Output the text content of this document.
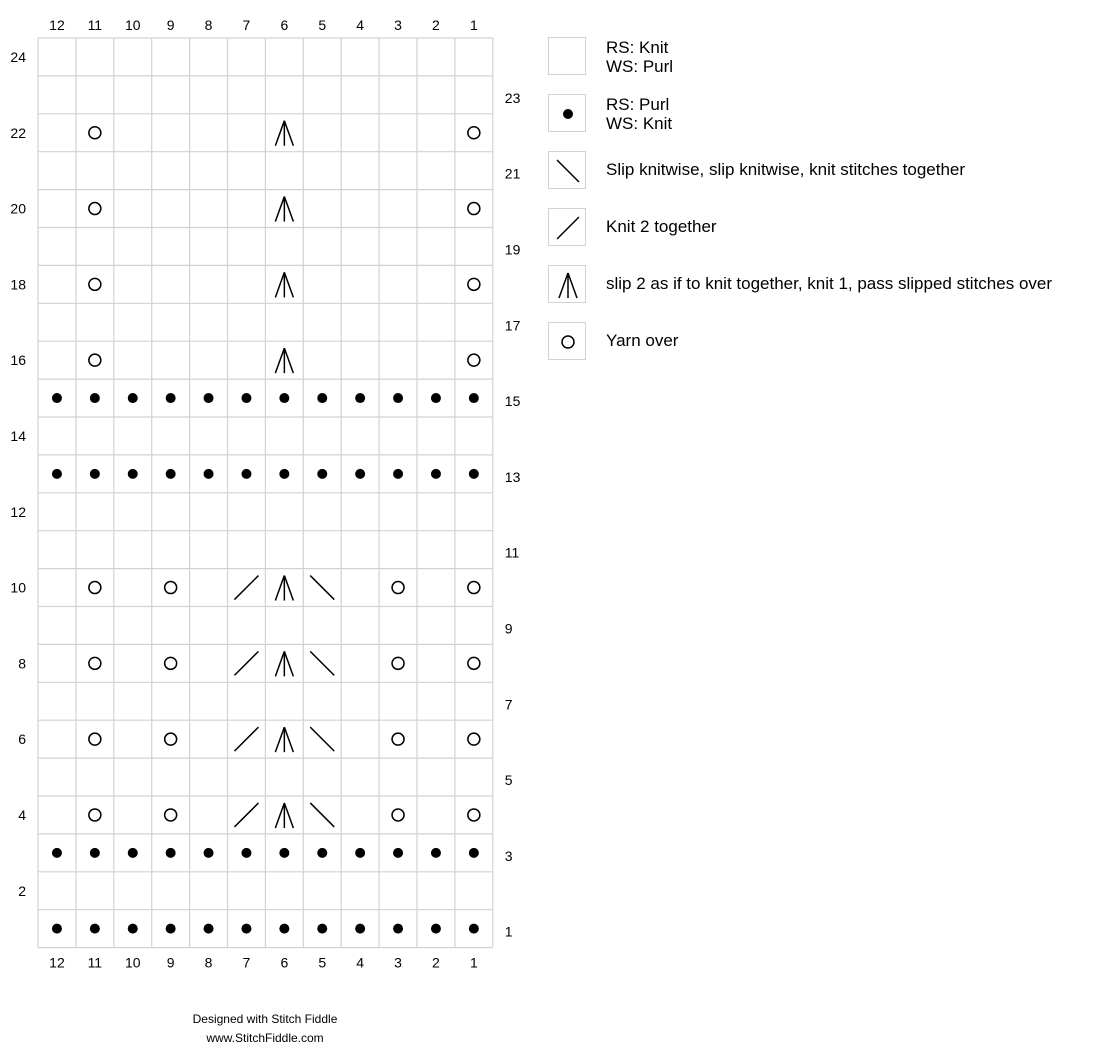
12
12
11
11
10
10
9
9
8
8
7
7
6
6
5
5
4
4
3
3
2
2
1
1
24
22
20
18
16
14
12
10
8
6
4
2
23
21
19
17
15
13
11
9
7
5
3
1
RS: Knit
WS: Purl
RS: Purl
WS: Knit
Slip knitwise, slip knitwise, knit stitches together
Knit 2 together
slip 2 as if to knit together, knit 1, pass slipped stitches over
Yarn over
Designed with Stitch Fiddle
www.StitchFiddle.com
